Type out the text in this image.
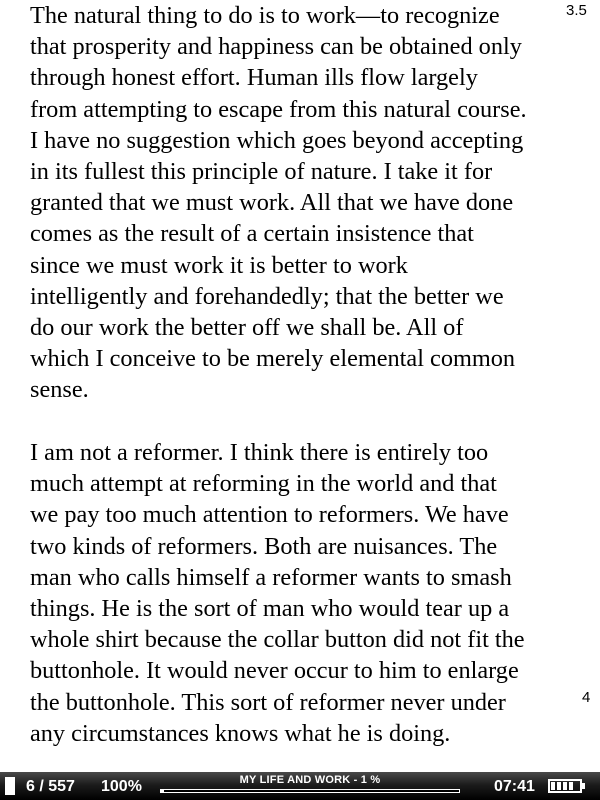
3.5

The natural thing to do is to work—to recognize
that prosperity and happiness can be obtained only
through honest effort. Human ills flow largely
from attempting to escape from this natural course.
I have no suggestion which goes beyond accepting
in its fullest this principle of nature. I take it for
granted that we must work. All that we have done
comes as the result of a certain insistence that
since we must work it is better to work
intelligently and forehandedly; that the better we
do our work the better off we shall be. All of
which I conceive to be merely elemental common
sense.

I am not a reformer. I think there is entirely too
much attempt at reforming in the world and that
we pay too much attention to reformers. We have
two kinds of reformers. Both are nuisances. The
man who calls himself a reformer wants to smash
things. He is the sort of man who would tear up a
whole shirt because the collar button did not fit the
buttonhole. It would never occur to him to enlarge
the buttonhole. This sort of reformer never under
any circumstances knows what he is doing.

4
6 / 557 100%	MY LIFE AND WORK - 1 %	07:41
